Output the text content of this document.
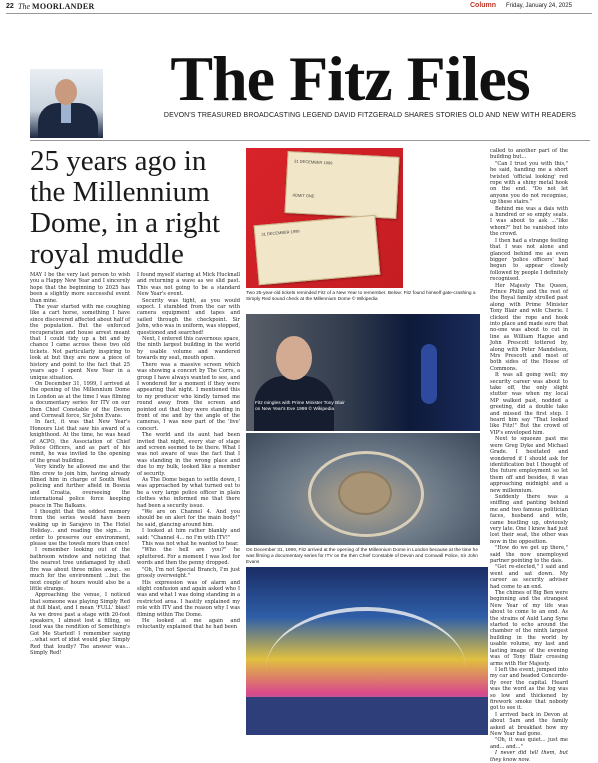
22 The MOORLANDER	Column Friday, January 24, 2025
The Fitz Files
DEVON'S TREASURED BROADCASTING LEGEND DAVID FITZGERALD SHARES STORIES OLD AND NEW WITH READERS
25 years ago in the Millennium Dome, in a right royal muddle

MAY I be the very last person to wish you a Happy New Year and I sincerely hope that the beginning to 2025 has been a slightly more successful event than mine.

The year started with me coughing like a cart horse, something I have since discovered affected about half of the population. But the enforced recuperation and house arrest meant that I could tidy up a bit and by chance I came across these two old tickets. Not particularly inspiring to look at but they are now a piece of history and point to the fact that 25 years ago I spent New Year in a unique situation.

On December 31, 1999, I arrived at the opening of the Millennium Dome in London as at the time I was filming a documentary series for ITV on our then Chief Constable of the Devon and Cornwall force, Sir John Evans.

In fact, it was that New Year's Honours List that saw his award of a knighthood. At the time, he was head of ACPO, the Association of Chief Police Officers, and as part of his remit, he was invited to the opening of the great building.

Very kindly he allowed me and the film crew to join him, having already filmed him in charge of South West policing and further afield in Bosnia and Croatia, overseeing the international police force keeping peace in The Balkans.

I thought that the oddest memory from the series would have been waking up in Sarajevo in The Hotel Holiday... and reading the sign... in order to preserve our environment, please use the towels more than once!

I remember looking out of the bathroom window and noticing that the nearest tree undamaged by shell fire was about three miles away... so much for the environment ...but the next couple of hours would also be a little strange.

Approaching the venue, I noticed that someone was playing Simply Red at full blast, and I mean 'FULL' blast! As we drove past a stage with 20-foot speakers, I almost lost a filling, so loud was the rendition of Something's Got Me Started! I remember saying ...what sort of idiot would play Simply Red that loudly? The answer was... Simply Red!

I found myself staring at Mick Hucknall and returning a wave as we slid past. This was not going to be a standard New Year's event.

Security was tight, as you would expect. I stumbled from the car with camera equipment and tapes and sailed through the checkpoint. Sir John, who was in uniform, was stopped, questioned and searched!

Next, I entered this cavernous space, the ninth largest building in the world by usable volume and wandered towards my seat, mouth open.

There was a massive screen which was showing a concert by The Corrs, a group I have always wanted to see, and I wondered for a moment if they were appearing that night. I mentioned this to my producer who kindly turned me round away from the screen and pointed out that they were standing in front of me and by the angle of the cameras, I was now part of the 'live' concert.

The world and its aunt had been invited that night, every star of stage and screen seemed to be there. What I was not aware of was the fact that I was standing in the wrong place and due to my bulk, looked like a member of security.

As The Dome began to settle down, I was approached by what turned out to be a very large police officer in plain clothes who informed me that there had been a security issue.

"We are on Channel 4. And you should be on alert for the main body!" he said, glancing around him.

I looked at him rather blankly and said: "Channel 4... no I'm with ITV!"

This was not what he wanted to hear.

"Who the hell are you?" he spluttered. For a moment I was lost for words and then the penny dropped.

"Oh, I'm not Special Branch, I'm just grossly overweight."

His expression was of alarm and slight confusion and again asked who I was and what I was doing standing in a restricted area. I hastily explained my role with ITV and the reason why I was filming within The Dome.

He looked at me again and reluctantly explained that he had been

31 DECEMBER 1999
ADMIT ONE
31 DECEMBER 1999
Two 25-year-old tickets reminded Fitz of a New Year to remember. Below: Fitz found himself gate-crashing a Simply Red sound check at the Millennium Dome © Wikipedia
Fitz mingles with Prime Minister Tony Blair on New Year's Eve 1999 © Wikipedia
On December 31, 1999, Fitz arrived at the opening of the Millennium Dome in London because at the time he was filming a documentary series for ITV on the then Chief Constable of Devon and Cornwall Police, Sir John Evans

called to another part of the building but...

"Can I trust you with this," he said, handing me a short twisted 'official looking' red rope with a shiny metal hook on the end. "Do not let anyone you do not recognise, up these stairs."

Behind me was a dais with a hundred or so empty seats. I was about to ask ..."like whom?" but he vanished into the crowd.

I then had a strange feeling that I was not alone and glanced behind me as even bigger 'police officers' had begun to appear closely followed by people I definitely recognised.

Her Majesty The Queen, Prince Philip and the rest of the Royal family strolled past along with Prime Minister Tony Blair and wife Cherie. I clicked the rope and hook into place and made sure that no-one was about to cut in line as William Hague and John Prescott tottered by, along with Peter Mandelson, Mrs Prescott and most of both sides of the House of Commons.

It was all going well; my security career was about to take off, the only slight stutter was when my local MP walked past, nodded a greeting, did a double take and missed the first step. I heard him say "That looked like Fitz!" But the crowd of VIP's enveloped him.

Next to squeeze past me were Greg Dyke and Michael Grade. I hesitated and wondered if I should ask for identification but I thought of the future employment so let them off and besides, it was approaching midnight and a new millennium.

Suddenly there was a sniffing and panting behind me and two famous politician faces, husband and wife, came bustling up, obviously very late. One I knew had just lost their seat, the other was now in the opposition.

"How do we get up there," said the now unemployed partner pointing to the dais.

"Get re-elected," I said and went and sat down. My career as security adviser had come to an end.

The chimes of Big Ben were beginning and the strangest New Year of my life was about to come to an end. As the strains of Auld Lang Syne started to echo around the chamber of the ninth largest building in the world by usable volume, my last and lasting image of the evening was of Tony Blair crossing arms with Her Majesty.

I left the event, jumped into my car and headed Concorde-fly over the capital. Heard was the word as the fog was so low and thickened by firework smoke that nobody got to see it.

I arrived back in Devon at about 5am and the family asked at breakfast how my New Year had gone.

"Oh, it was quiet... just me and... and..."

I never did tell them, but they know now.
